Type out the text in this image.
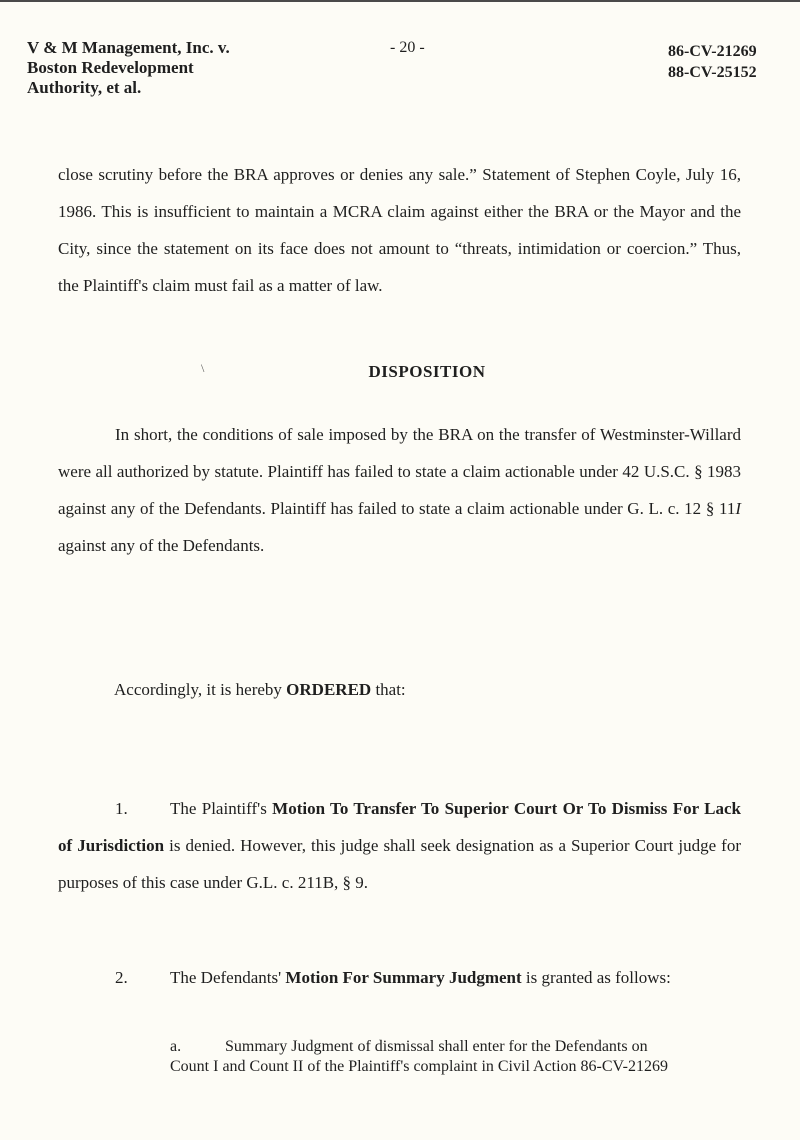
V & M Management, Inc. v.
Boston Redevelopment
Authority, et al.
- 20 -	86-CV-21269
88-CV-25152
close scrutiny before the BRA approves or denies any sale.” Statement of Stephen Coyle, July 16, 1986. This is insufficient to maintain a MCRA claim against either the BRA or the Mayor and the City, since the statement on its face does not amount to “threats, intimidation or coercion.” Thus, the Plaintiff's claim must fail as a matter of law.
\	DISPOSITION
In short, the conditions of sale imposed by the BRA on the transfer of Westminster-Willard were all authorized by statute. Plaintiff has failed to state a claim actionable under 42 U.S.C. § 1983 against any of the Defendants. Plaintiff has failed to state a claim actionable under G. L. c. 12 § 11I against any of the Defendants.
Accordingly, it is hereby ORDERED that:
1. The Plaintiff's Motion To Transfer To Superior Court Or To Dismiss For Lack of Jurisdiction is denied. However, this judge shall seek designation as a Superior Court judge for purposes of this case under G.L. c. 211B, § 9.
2. The Defendants' Motion For Summary Judgment is granted as follows:
a.	Summary Judgment of dismissal shall enter for the Defendants on Count I and Count II of the Plaintiff's complaint in Civil Action 86-CV-21269
